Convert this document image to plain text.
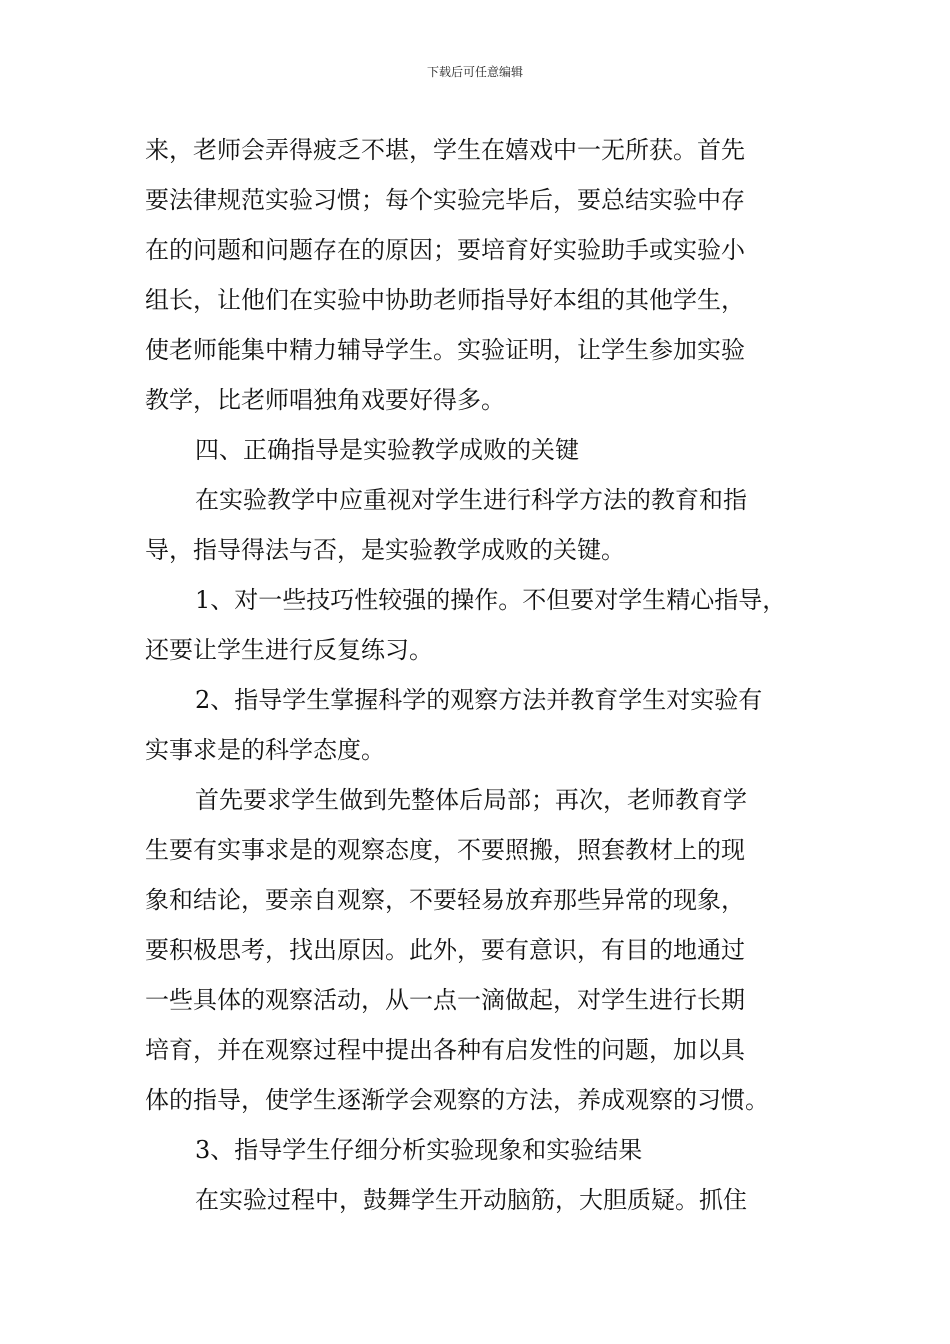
下载后可任意编辑
来，老师会弄得疲乏不堪，学生在嬉戏中一无所获。首先
要法律规范实验习惯；每个实验完毕后，要总结实验中存
在的问题和问题存在的原因；要培育好实验助手或实验小
组长，让他们在实验中协助老师指导好本组的其他学生，
使老师能集中精力辅导学生。实验证明，让学生参加实验
教学，比老师唱独角戏要好得多。
四、正确指导是实验教学成败的关键
在实验教学中应重视对学生进行科学方法的教育和指
导，指导得法与否，是实验教学成败的关键。
1、对一些技巧性较强的操作。不但要对学生精心指导，
还要让学生进行反复练习。
2、指导学生掌握科学的观察方法并教育学生对实验有
实事求是的科学态度。
首先要求学生做到先整体后局部；再次，老师教育学
生要有实事求是的观察态度，不要照搬，照套教材上的现
象和结论，要亲自观察，不要轻易放弃那些异常的现象，
要积极思考，找出原因。此外，要有意识，有目的地通过
一些具体的观察活动，从一点一滴做起，对学生进行长期
培育，并在观察过程中提出各种有启发性的问题，加以具
体的指导，使学生逐渐学会观察的方法，养成观察的习惯。
3、指导学生仔细分析实验现象和实验结果
在实验过程中，鼓舞学生开动脑筋，大胆质疑。抓住
